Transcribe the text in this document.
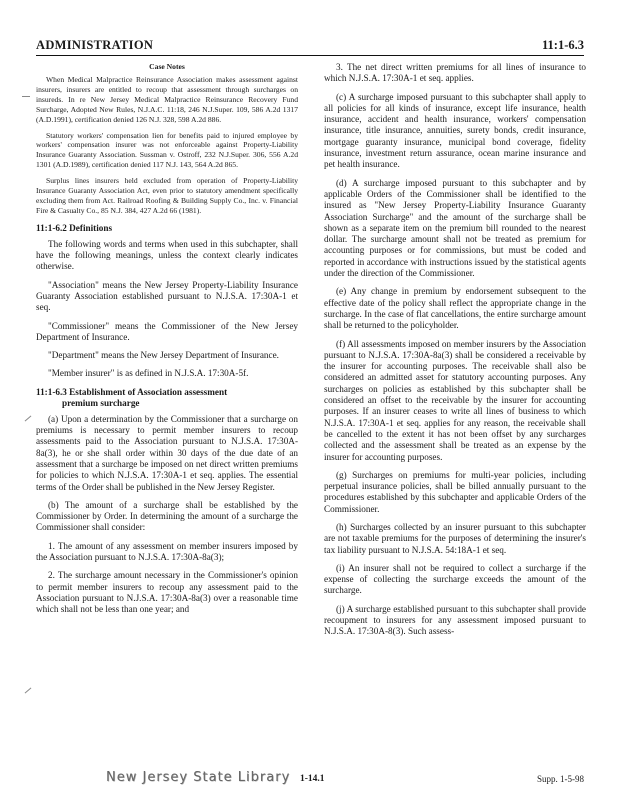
ADMINISTRATION	11:1-6.3

Case Notes

When Medical Malpractice Reinsurance Association makes assessment against insurers, insurers are entitled to recoup that assessment through surcharges on insureds. In re New Jersey Medical Malpractice Reinsurance Recovery Fund Surcharge, Adopted New Rules, N.J.A.C. 11:18, 246 N.J.Super. 109, 586 A.2d 1317 (A.D.1991), certification denied 126 N.J. 328, 598 A.2d 886.

Statutory workers' compensation lien for benefits paid to injured employee by workers' compensation insurer was not enforceable against Property-Liability Insurance Guaranty Association. Sussman v. Ostroff, 232 N.J.Super. 306, 556 A.2d 1301 (A.D.1989), certification denied 117 N.J. 143, 564 A.2d 865.

Surplus lines insurers held excluded from operation of Property-Liability Insurance Guaranty Association Act, even prior to statutory amendment specifically excluding them from Act. Railroad Roofing & Building Supply Co., Inc. v. Financial Fire & Casualty Co., 85 N.J. 384, 427 A.2d 66 (1981).

11:1-6.2 Definitions

The following words and terms when used in this subchapter, shall have the following meanings, unless the context clearly indicates otherwise.

"Association" means the New Jersey Property-Liability Insurance Guaranty Association established pursuant to N.J.S.A. 17:30A-1 et seq.

"Commissioner" means the Commissioner of the New Jersey Department of Insurance.

"Department" means the New Jersey Department of Insurance.

"Member insurer" is as defined in N.J.S.A. 17:30A-5f.

11:1-6.3 Establishment of Association assessment
premium surcharge

(a) Upon a determination by the Commissioner that a surcharge on premiums is necessary to permit member insurers to recoup assessments paid to the Association pursuant to N.J.S.A. 17:30A-8a(3), he or she shall order within 30 days of the due date of an assessment that a surcharge be imposed on net direct written premiums for policies to which N.J.S.A. 17:30A-1 et seq. applies. The essential terms of the Order shall be published in the New Jersey Register.

(b) The amount of a surcharge shall be established by the Commissioner by Order. In determining the amount of a surcharge the Commissioner shall consider:

1. The amount of any assessment on member insurers imposed by the Association pursuant to N.J.S.A. 17:30A-8a(3);

2. The surcharge amount necessary in the Commissioner's opinion to permit member insurers to recoup any assessment paid to the Association pursuant to N.J.S.A. 17:30A-8a(3) over a reasonable time which shall not be less than one year; and

3. The net direct written premiums for all lines of insurance to which N.J.S.A. 17:30A-1 et seq. applies.

(c) A surcharge imposed pursuant to this subchapter shall apply to all policies for all kinds of insurance, except life insurance, health insurance, accident and health insurance, workers' compensation insurance, title insurance, annuities, surety bonds, credit insurance, mortgage guaranty insurance, municipal bond coverage, fidelity insurance, investment return assurance, ocean marine insurance and pet health insurance.

(d) A surcharge imposed pursuant to this subchapter and by applicable Orders of the Commissioner shall be identified to the insured as "New Jersey Property-Liability Insurance Guaranty Association Surcharge" and the amount of the surcharge shall be shown as a separate item on the premium bill rounded to the nearest dollar. The surcharge amount shall not be treated as premium for accounting purposes or for commissions, but must be coded and reported in accordance with instructions issued by the statistical agents under the direction of the Commissioner.

(e) Any change in premium by endorsement subsequent to the effective date of the policy shall reflect the appropriate change in the surcharge. In the case of flat cancellations, the entire surcharge amount shall be returned to the policyholder.

(f) All assessments imposed on member insurers by the Association pursuant to N.J.S.A. 17:30A-8a(3) shall be considered a receivable by the insurer for accounting purposes. The receivable shall also be considered an admitted asset for statutory accounting purposes. Any surcharges on policies as established by this subchapter shall be considered an offset to the receivable by the insurer for accounting purposes. If an insurer ceases to write all lines of business to which N.J.S.A. 17:30A-1 et seq. applies for any reason, the receivable shall be cancelled to the extent it has not been offset by any surcharges collected and the assessment shall be treated as an expense by the insurer for accounting purposes.

(g) Surcharges on premiums for multi-year policies, including perpetual insurance policies, shall be billed annually pursuant to the procedures established by this subchapter and applicable Orders of the Commissioner.

(h) Surcharges collected by an insurer pursuant to this subchapter are not taxable premiums for the purposes of determining the insurer's tax liability pursuant to N.J.S.A. 54:18A-1 et seq.

(i) An insurer shall not be required to collect a surcharge if the expense of collecting the surcharge exceeds the amount of the surcharge.

(j) A surcharge established pursuant to this subchapter shall provide recoupment to insurers for any assessment imposed pursuant to N.J.S.A. 17:30A-8(3). Such assess-

New Jersey State Library 1-14.1	Supp. 1-5-98
